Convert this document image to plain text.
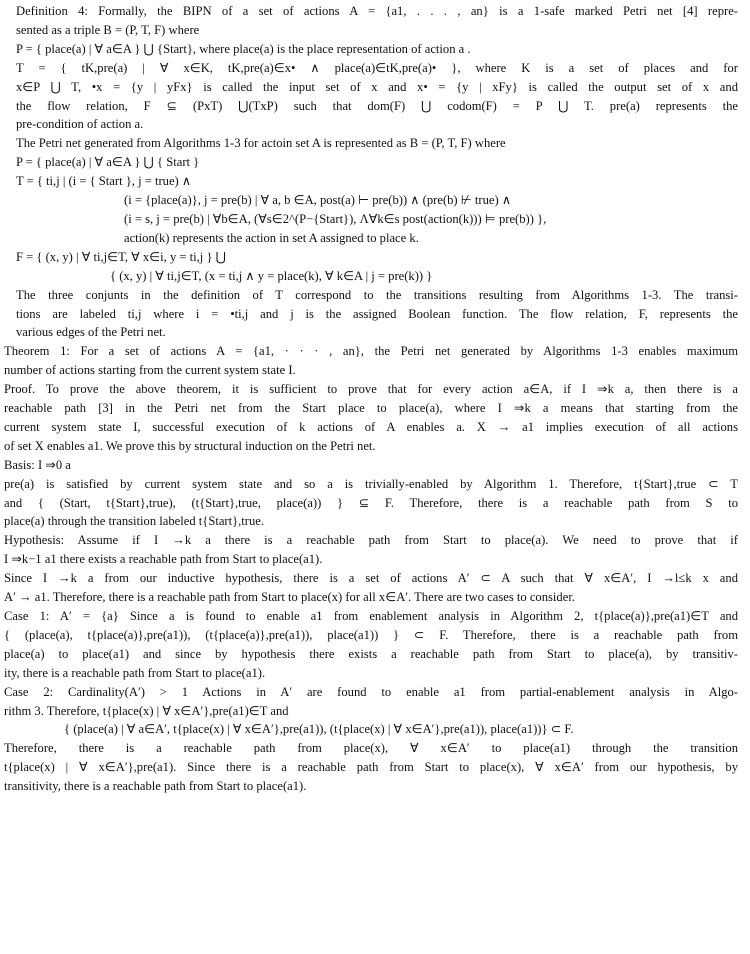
Definition 4: Formally, the BIPN of a set of actions A = {a1, . . . , an} is a 1-safe marked Petri net [4] repre-
sented as a triple B = (P, T, F) where
P = { place(a) | ∀ a∈A } ⋃ {Start}, where place(a) is the place representation of action a .
T = { tK,pre(a) | ∀ x∈K, tK,pre(a)∈x• ∧ place(a)∈tK,pre(a)• }, where K is a set of places and for
x∈P ⋃ T, •x = {y | yFx} is called the input set of x and x• = {y | xFy} is called the output set of x and
the flow relation, F ⊆ (PxT) ⋃(TxP) such that dom(F) ⋃ codom(F) = P ⋃ T. pre(a) represents the
pre-condition of action a.
The Petri net generated from Algorithms 1-3 for actoin set A is represented as B = (P, T, F) where
P = { place(a) | ∀ a∈A } ⋃ { Start }
T = { ti,j | (i = { Start }, j = true) ∧
(i = {place(a)}, j = pre(b) | ∀ a, b ∈A, post(a) ⊢ pre(b)) ∧ (pre(b) ⊬ true) ∧
(i = s, j = pre(b) | ∀b∈A, (∀s∈2^(P−{Start}), Λ∀k∈s post(action(k))) ⊨ pre(b)) },
action(k) represents the action in set A assigned to place k.
F = { (x, y) | ∀ ti,j∈T, ∀ x∈i, y = ti,j } ⋃
{ (x, y) | ∀ ti,j∈T, (x = ti,j ∧ y = place(k), ∀ k∈A | j = pre(k)) }
The three conjunts in the definition of T correspond to the transitions resulting from Algorithms 1-3. The transi-
tions are labeled ti,j where i = •ti,j and j is the assigned Boolean function. The flow relation, F, represents the
various edges of the Petri net.
Theorem 1: For a set of actions A = {a1, · · · , an}, the Petri net generated by Algorithms 1-3 enables maximum
number of actions starting from the current system state I.
Proof. To prove the above theorem, it is sufficient to prove that for every action a∈A, if I ⇒k a, then there is a
reachable path [3] in the Petri net from the Start place to place(a), where I ⇒k a means that starting from the
current system state I, successful execution of k actions of A enables a. X → a1 implies execution of all actions
of set X enables a1. We prove this by structural induction on the Petri net.
Basis: I ⇒0 a
pre(a) is satisfied by current system state and so a is trivially-enabled by Algorithm 1. Therefore, t{Start},true ⊂ T
and { (Start, t{Start},true), (t{Start},true, place(a)) } ⊆ F. Therefore, there is a reachable path from S to
place(a) through the transition labeled t{Start},true.
Hypothesis: Assume if I →k a there is a reachable path from Start to place(a). We need to prove that if
I ⇒k−1 a1 there exists a reachable path from Start to place(a1).
Since I →k a from our inductive hypothesis, there is a set of actions A′ ⊂ A such that ∀ x∈A′, I →l≤k x and
A′ → a1. Therefore, there is a reachable path from Start to place(x) for all x∈A′. There are two cases to consider.
Case 1: A′ = {a} Since a is found to enable a1 from enablement analysis in Algorithm 2, t{place(a)},pre(a1)∈T and
{ (place(a), t{place(a)},pre(a1)), (t{place(a)},pre(a1)), place(a1)) } ⊂ F. Therefore, there is a reachable path from
place(a) to place(a1) and since by hypothesis there exists a reachable path from Start to place(a), by transitiv-
ity, there is a reachable path from Start to place(a1).
Case 2: Cardinality(A′) > 1 Actions in A′ are found to enable a1 from partial-enablement analysis in Algo-
rithm 3. Therefore, t{place(x) | ∀ x∈A′},pre(a1)∈T and
{ (place(a) | ∀ a∈A′, t{place(x) | ∀ x∈A′},pre(a1)), (t{place(x) | ∀ x∈A′},pre(a1)), place(a1))} ⊂ F.
Therefore, there is a reachable path from place(x), ∀ x∈A′ to place(a1) through the transition
t{place(x) | ∀ x∈A′},pre(a1). Since there is a reachable path from Start to place(x), ∀ x∈A′ from our hypothesis, by
transitivity, there is a reachable path from Start to place(a1).
